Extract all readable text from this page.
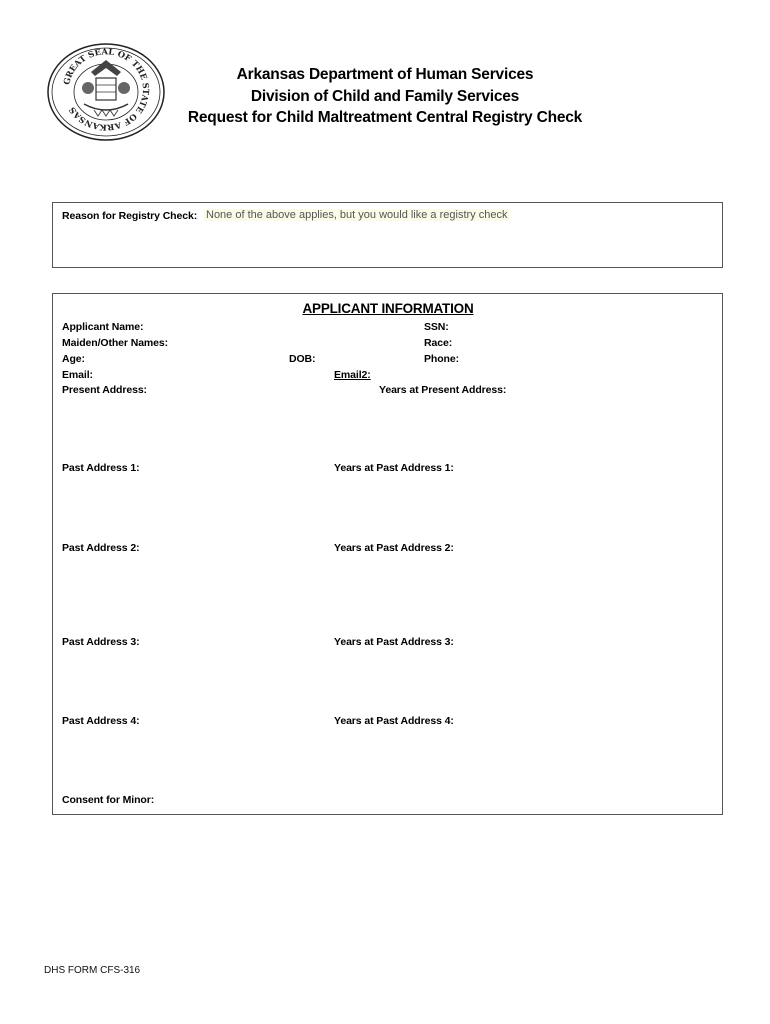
GREAT SEAL OF THE STATE OF ARKANSAS
Arkansas Department of Human Services
Division of Child and Family Services
Request for Child Maltreatment Central Registry Check
Reason for Registry Check: None of the above applies, but you would like a registry check
APPLICANT INFORMATION
Applicant Name:	SSN:
Maiden/Other Names:	Race:
Age:	DOB:	Phone:
Email:	Email2:
Present Address:	Years at Present Address:
Past Address 1:	Years at Past Address 1:
Past Address 2:	Years at Past Address 2:
Past Address 3:	Years at Past Address 3:
Past Address 4:	Years at Past Address 4:
Consent for Minor:
DHS FORM CFS-316
